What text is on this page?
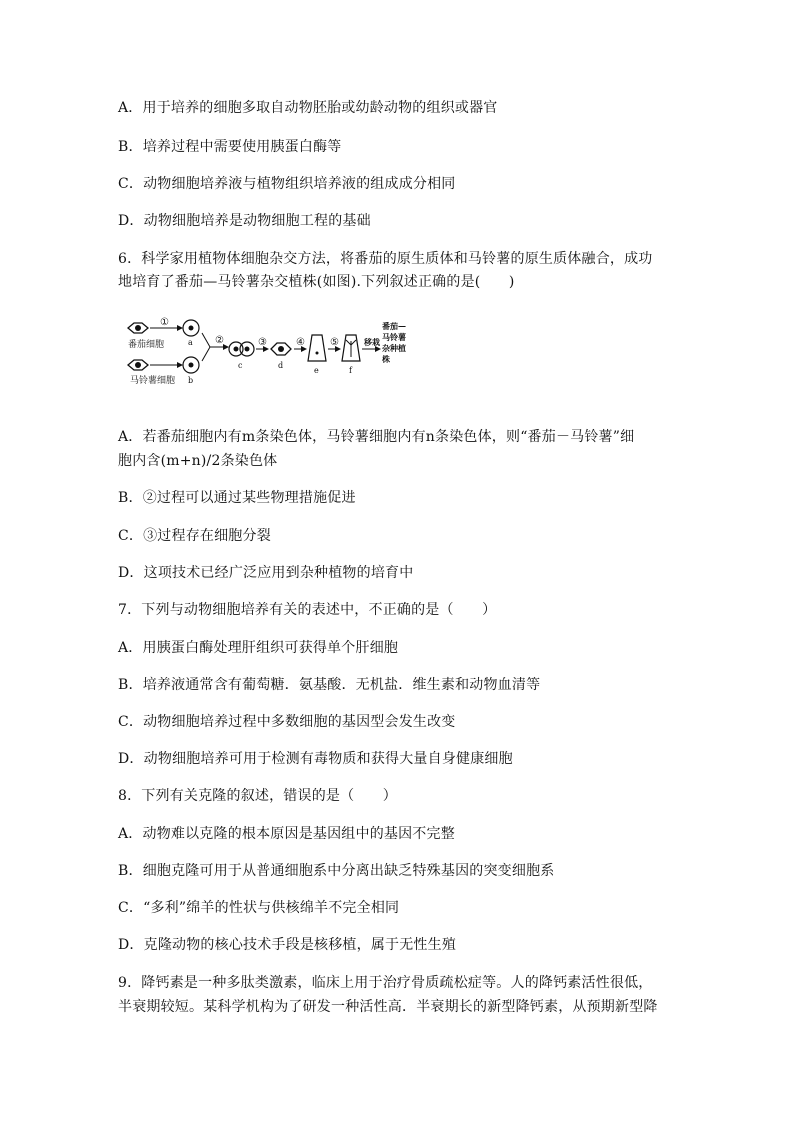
A．用于培养的细胞多取自动物胚胎或幼龄动物的组织或器官
B．培养过程中需要使用胰蛋白酶等
C．动物细胞培养液与植物组织培养液的组成成分相同
D．动物细胞培养是动物细胞工程的基础
6．科学家用植物体细胞杂交方法，将番茄的原生质体和马铃薯的原生质体融合，成功
地培育了番茄—马铃薯杂交植株(如图).下列叙述正确的是(　　)
①
番茄细胞	a
马铃薯细胞 b
②
c
③
d
④
e
⑤
f
移栽
番茄—
马铃薯
杂种植
株
A．若番茄细胞内有m条染色体，马铃薯细胞内有n条染色体，则“番茄－马铃薯”细
胞内含(m+n)/2条染色体
B．②过程可以通过某些物理措施促进
C．③过程存在细胞分裂
D．这项技术已经广泛应用到杂种植物的培育中
7．下列与动物细胞培养有关的表述中，不正确的是（　　）
A．用胰蛋白酶处理肝组织可获得单个肝细胞
B．培养液通常含有葡萄糖．氨基酸．无机盐．维生素和动物血清等
C．动物细胞培养过程中多数细胞的基因型会发生改变
D．动物细胞培养可用于检测有毒物质和获得大量自身健康细胞
8．下列有关克隆的叙述，错误的是（　　）
A．动物难以克隆的根本原因是基因组中的基因不完整
B．细胞克隆可用于从普通细胞系中分离出缺乏特殊基因的突变细胞系
C．“多利”绵羊的性状与供核绵羊不完全相同
D．克隆动物的核心技术手段是核移植，属于无性生殖
9．降钙素是一种多肽类激素，临床上用于治疗骨质疏松症等。人的降钙素活性很低，
半衰期较短。某科学机构为了研发一种活性高．半衰期长的新型降钙素，从预期新型降
